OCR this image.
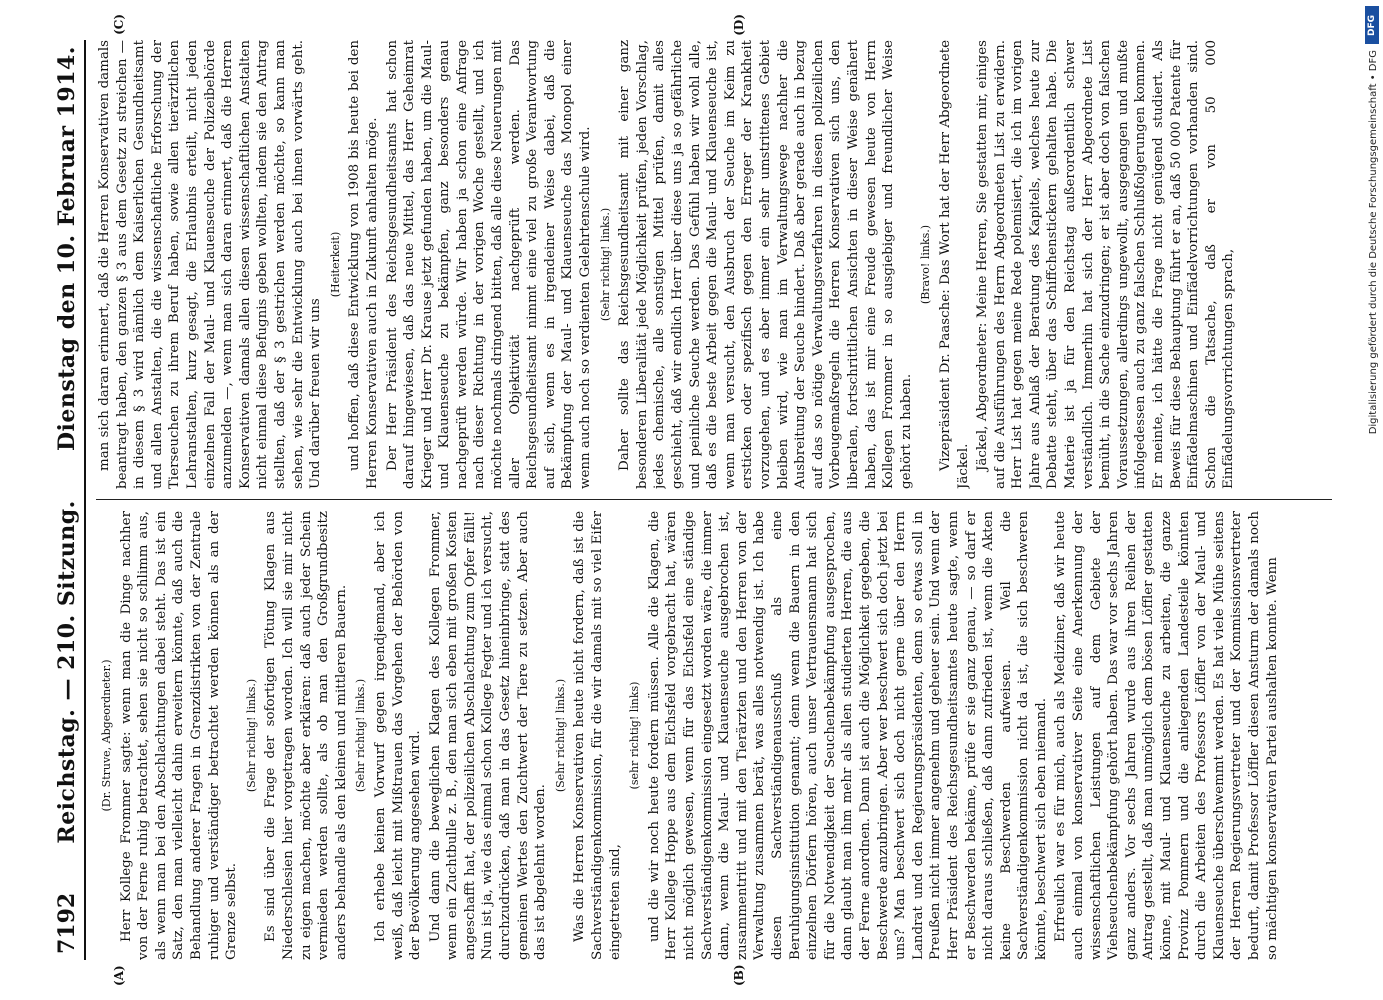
7192
Reichstag. — 210. Sitzung.
Dienstag den 10. Februar 1914.

(Dr. Struve, Abgeordneter.) Herr Kollege Frommer sagte: wenn man die Dinge nachher von der Ferne ruhig betrachtet, sehen sie nicht so schlimm aus, als wenn man bei den Abschlachtungen dabei steht. Das ist ein Satz, den man vielleicht dahin erweitern könnte, daß auch die Behandlung anderer Fragen in Grenzdistrikten von der Zentrale ruhiger und verständiger betrachtet werden können als an der Grenze selbst.

(Sehr richtig! links.) Es sind über die Frage der sofortigen Tötung Klagen aus Niederschlesien hier vorgetragen worden. Ich will sie mir nicht zu eigen machen, möchte aber erklären: daß auch jeder Schein vermieden werden sollte, als ob man den Großgrundbesitz anders behandle als den kleinen und mittleren Bauern. (Sehr richtig! links.) Ich erhebe keinen Vorwurf gegen irgendjemand, aber ich weiß, daß leicht mit Mißtrauen das Vorgehen der Behörden von der Bevölkerung angesehen wird. Und dann die beweglichen Klagen des Kollegen Frommer, wenn ein Zuchtbulle z. B., den man sich eben mit großen Kosten angeschafft hat, der polizeilichen Abschlachtung zum Opfer fällt! Nun ist ja, wie das einmal schon Kollege Fegter und ich versucht, durchzudrücken, daß man in das Gesetz hineinbringe, statt des gemeinen Wertes den Zuchtwert der Tiere zu setzen. Aber auch das ist abgelehnt worden.

(Sehr richtig! links.) Was die Herren Konservativen heute nicht fordern, daß ist die Sachverständigenkommission, für die wir damals mit so viel Eifer eingetreten sind,

(sehr richtig! links) und die wir noch heute fordern müssen. Alle die Klagen, die Herr Kollege Hoppe aus dem Eichsfeld vorgebracht hat, wären nicht möglich gewesen, wenn für das Eichsfeld eine ständige Sachverständigenkommission eingesetzt worden wäre, die immer dann, wenn die Maul- und Klauenseuche ausgebrochen ist, zusammentritt und mit den Tierärzten und den Herren von der Verwaltung zusammen berät, was alles notwendig ist. Ich habe diesen Sachverständigenausschuß als eine Beruhigungsinstitution genannt; denn wenn die Bauern in den einzelnen Dörfern hören, auch unser Vertrauensmann hat sich für die Notwendigkeit der Seuchenbekämpfung ausgesprochen, dann glaubt man ihm mehr als allen studierten Herren, die aus der Ferne anordnen. Dann ist auch die Möglichkeit gegeben, die Beschwerde anzubringen. Aber wer beschwert sich doch jetzt bei uns? Man beschwert sich doch nicht gerne über den Herrn Landrat und den Regierungspräsidenten, denn so etwas soll in Preußen nicht immer angenehm und geheuer sein. Und wenn der Herr Präsident des Reichsgesundheitsamtes heute sagte, wenn er Beschwerden bekäme, prüfe er sie ganz genau, — so darf er nicht daraus schließen, daß dann zufrieden ist, wenn die Akten keine Beschwerden aufweisen. Weil die Sachverständigenkommission nicht da ist, die sich beschweren könnte, beschwert sich eben niemand. Erfreulich war es für mich, auch als Mediziner, daß wir heute auch einmal von konservativer Seite eine Anerkennung der wissenschaftlichen Leistungen auf dem Gebiete der Viehseuchenbekämpfung gehört haben. Das war vor sechs Jahren ganz anders. Vor sechs Jahren wurde aus ihren Reihen der Antrag gestellt, daß man unmöglich dem bösen Löffler gestatten könne, mit Maul- und Klauenseuche zu arbeiten, die ganze Provinz Pommern und die anliegenden Landesteile könnten durch die Arbeiten des Professors Löffler von der Maul- und Klauenseuche überschwemmt werden. Es hat viele Mühe seitens der Herren Regierungsvertreter und der Kommissionsvertreter bedurft, damit Professor Löffler diesen Ansturm der damals noch so mächtigen konservativen Partei aushalten konnte. Wenn

man sich daran erinnert, daß die Herren Konservativen damals beantragt haben, den ganzen § 3 aus dem Gesetz zu streichen — in diesem § 3 wird nämlich dem Kaiserlichen Gesundheitsamt und allen Anstalten, die die wissenschaftliche Erforschung der Tierseuchen zu ihrem Beruf haben, sowie allen tierärztlichen Lehranstalten, kurz gesagt, die Erlaubnis erteilt, nicht jeden einzelnen Fall der Maul- und Klauenseuche der Polizeibehörde anzumelden —, wenn man sich daran erinnert, daß die Herren Konservativen damals allen diesen wissenschaftlichen Anstalten nicht einmal diese Befugnis geben wollten, indem sie den Antrag stellten, daß der § 3 gestrichen werden möchte, so kann man sehen, wie sehr die Entwicklung auch bei ihnen vorwärts geht. Und darüber freuen wir uns

(Heiterkeit) und hoffen, daß diese Entwicklung von 1908 bis heute bei den Herren Konservativen auch in Zukunft anhalten möge. Der Herr Präsident des Reichsgesundheitsamts hat schon darauf hingewiesen, daß das neue Mittel, das Herr Geheimrat Krieger und Herr Dr. Krause jetzt gefunden haben, um die Maul- und Klauenseuche zu bekämpfen, ganz besonders genau nachgeprüft werden würde. Wir haben ja schon eine Anfrage nach dieser Richtung in der vorigen Woche gestellt, und ich möchte nochmals dringend bitten, daß alle diese Neuerungen mit aller Objektivität nachgeprüft werden. Das Reichsgesundheitsamt nimmt eine viel zu große Verantwortung auf sich, wenn es in irgendeiner Weise dabei, daß die Bekämpfung der Maul- und Klauenseuche das Monopol einer wenn auch noch so verdienten Gelehrtenschule wird. (Sehr richtig! links.) Daher sollte das Reichsgesundheitsamt mit einer ganz besonderen Liberalität jede Möglichkeit prüfen, jeden Vorschlag, jedes chemische, alle sonstigen Mittel prüfen, damit alles geschieht, daß wir endlich Herr über diese uns ja so gefährliche und peinliche Seuche werden. Das Gefühl haben wir wohl alle, daß es die beste Arbeit gegen die Maul- und Klauenseuche ist, wenn man versucht, den Ausbruch der Seuche im Keim zu ersticken oder spezifisch gegen den Erreger der Krankheit vorzugehen, und es aber immer ein sehr umstrittenes Gebiet bleiben wird, wie man im Verwaltungswege nachher die Ausbreitung der Seuche hindert. Daß aber gerade auch in bezug auf das so nötige Verwaltungsverfahren in diesen polizeilichen Vorbeugemaßregeln die Herren Konservativen sich uns, den liberalen, fortschrittlichen Ansichten in dieser Weise genähert haben, das ist mir eine Freude gewesen heute von Herrn Kollegen Frommer in so ausgiebiger und freundlicher Weise gehört zu haben.

(Bravo! links.) Vizepräsident Dr. Paasche: Das Wort hat der Herr Abgeordnete Jäckel. Jäckel, Abgeordneter: Meine Herren, Sie gestatten mir, einiges auf die Ausführungen des Herrn Abgeordneten List zu erwidern. Herr List hat gegen meine Rede polemisiert, die ich im vorigen Jahre aus Anlaß der Beratung des Kapitels, welches heute zur Debatte steht, über das Schiffchenstickern gehalten habe. Die Materie ist ja für den Reichstag außerordentlich schwer verständlich. Immerhin hat sich der Herr Abgeordnete List bemüht, in die Sache einzudringen; er ist aber doch von falschen Voraussetzungen, allerdings ungewollt, ausgegangen und mußte infolgedessen auch zu ganz falschen Schlußfolgerungen kommen. Er meinte, ich hätte die Frage nicht genügend studiert. Als Beweis für diese Behauptung führt er an, daß 50 000 Patente für Einfädelmaschinen und Einfädelvorrichtungen vorhanden sind. Schon die Tatsache, daß er von 50 000 Einfädelungsvorrichtungen sprach,

(A)	(B)
(C)	(D)	DFG
Digitalisierung gefördert durch die Deutsche Forschungsgemeinschaft • DFG
